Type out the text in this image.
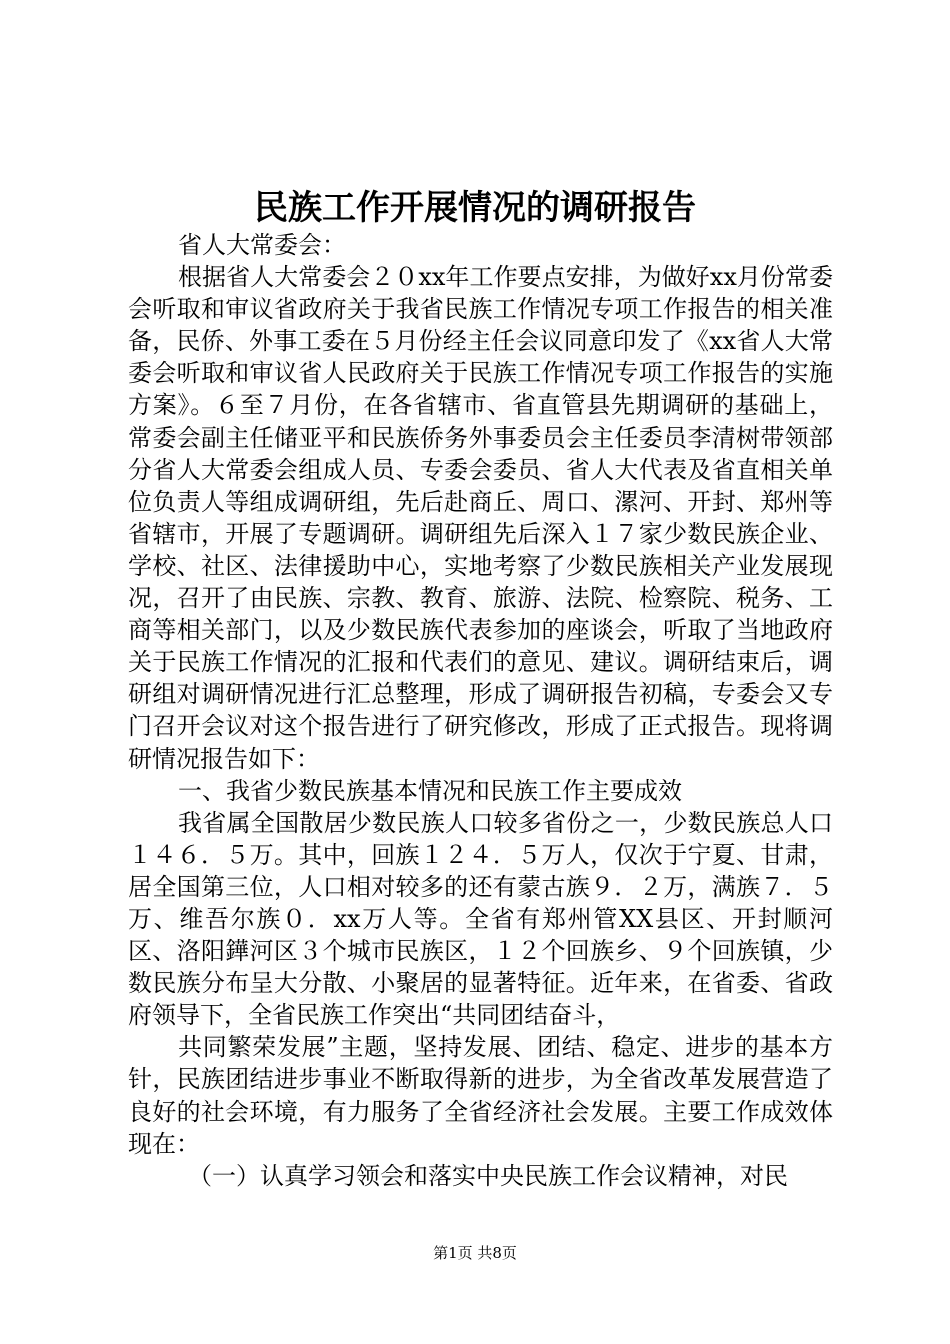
民族工作开展情况的调研报告

省人大常委会：

根据省人大常委会２０xx年工作要点安排，为做好xx月份常委会听取和审议省政府关于我省民族工作情况专项工作报告的相关准备，民侨、外事工委在５月份经主任会议同意印发了《xx省人大常委会听取和审议省人民政府关于民族工作情况专项工作报告的实施方案》。６至７月份，在各省辖市、省直管县先期调研的基础上，常委会副主任储亚平和民族侨务外事委员会主任委员李清树带领部分省人大常委会组成人员、专委会委员、省人大代表及省直相关单位负责人等组成调研组，先后赴商丘、周口、漯河、开封、郑州等省辖市，开展了专题调研。调研组先后深入１７家少数民族企业、学校、社区、法律援助中心，实地考察了少数民族相关产业发展现况，召开了由民族、宗教、教育、旅游、法院、检察院、税务、工商等相关部门，以及少数民族代表参加的座谈会，听取了当地政府关于民族工作情况的汇报和代表们的意见、建议。调研结束后，调研组对调研情况进行汇总整理，形成了调研报告初稿，专委会又专门召开会议对这个报告进行了研究修改，形成了正式报告。现将调研情况报告如下：

一、我省少数民族基本情况和民族工作主要成效

我省属全国散居少数民族人口较多省份之一，少数民族总人口１４６．５万。其中，回族１２４．５万人，仅次于宁夏、甘肃，居全国第三位，人口相对较多的还有蒙古族９．２万，满族７．５万、维吾尔族０．xx万人等。全省有郑州管XX县区、开封顺河区、洛阳鏵河区３个城市民族区，１２个回族乡、９个回族镇，少数民族分布呈大分散、小聚居的显著特征。近年来，在省委、省政府领导下，全省民族工作突出“共同团结奋斗，

共同繁荣发展”主题，坚持发展、团结、稳定、进步的基本方针，民族团结进步事业不断取得新的进步，为全省改革发展营造了良好的社会环境，有力服务了全省经济社会发展。主要工作成效体现在：

（一）认真学习领会和落实中央民族工作会议精神，对民

第1页 共8页
